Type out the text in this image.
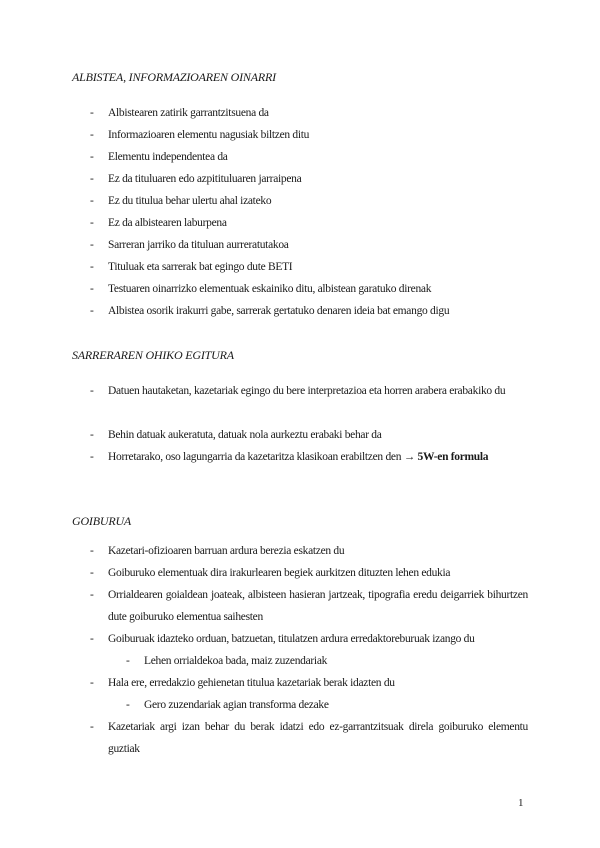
ALBISTEA, INFORMAZIOAREN OINARRI
- Albistearen zatirik garrantzitsuena da
- Informazioaren elementu nagusiak biltzen ditu
- Elementu independentea da
- Ez da tituluaren edo azpitituluaren jarraipena
- Ez du titulua behar ulertu ahal izateko
- Ez da albistearen laburpena
- Sarreran jarriko da tituluan aurreratutakoa
- Tituluak eta sarrerak bat egingo dute BETI
- Testuaren oinarrizko elementuak eskainiko ditu, albistean garatuko direnak
- Albistea osorik irakurri gabe, sarrerak gertatuko denaren ideia bat emango digu
SARRERAREN OHIKO EGITURA
- Datuen hautaketan, kazetariak egingo du bere interpretazioa eta horren arabera erabakiko du
- Behin datuak aukeratuta, datuak nola aurkeztu erabaki behar da
- Horretarako, oso lagungarria da kazetaritza klasikoan erabiltzen den → 5W-en formula
GOIBURUA
- Kazetari-ofizioaren barruan ardura berezia eskatzen du
- Goiburuko elementuak dira irakurlearen begiek aurkitzen dituzten lehen edukia
- Orrialdearen goialdean joateak, albisteen hasieran jartzeak, tipografia eredu deigarriek bihurtzen dute goiburuko elementua saihesten
- Goiburuak idazteko orduan, batzuetan, titulatzen ardura erredaktoreburuak izango du
- Lehen orrialdekoa bada, maiz zuzendariak
- Hala ere, erredakzio gehienetan titulua kazetariak berak idazten du
- Gero zuzendariak agian transforma dezake
- Kazetariak argi izan behar du berak idatzi edo ez-garrantzitsuak direla goiburuko elementu guztiak
1
